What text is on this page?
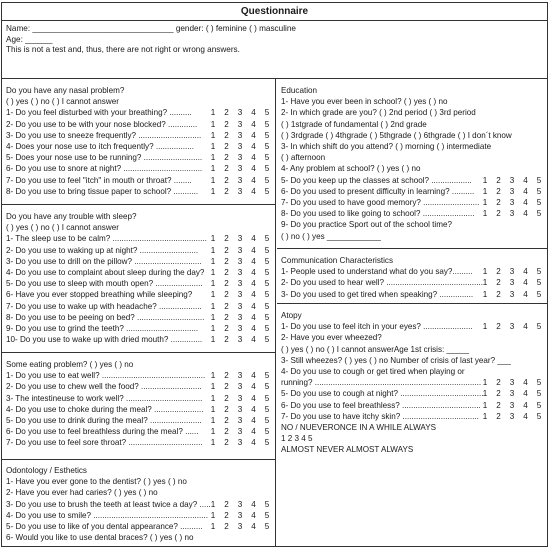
Questionnaire
Name: _______________________________ gender: ( ) feminine ( ) masculine
Age: ______
This is not a test and, thus, there are not right or wrong answers.
Do you have any nasal problem?
( ) yes ( ) no ( ) I cannot answer
1- Do you feel disturbed with your breathing? ..........	1	2	3	4	5
2- Do you use to be with your nose blocked? .............	1	2	3	4	5
3- Do you use to sneeze frequently? ............................	1	2	3	4	5
4- Does your nose use to itch frequently? .................	1	2	3	4	5
5- Does your nose use to be running? ..........................	1	2	3	4	5
6- Do you use to snore at night? ...................................	1	2	3	4	5
7- Do you use to feel "itch" in mouth or throat? ........	1	2	3	4	5
8- Do you use to bring tissue paper to school? ...........	1	2	3	4	5
Do you have any trouble with sleep?
( ) yes ( ) no ( ) I cannot answer
1- The sleep use to be calm? .......................................... 1	2	3	4	5
2- Do you use to waking up at night? ..........................	1	2	3	4	5
3- Do you use to drill on the pillow? ..............................	1	2	3	4	5
4- Do you use to complaint about sleep during the day? 1	2	3	4	5
5- Do you use to sleep with mouth open? .....................	1	2	3	4	5
6- Have you ever stopped breathing while sleeping?	1	2	3	4	5
7- Do you use to wake up with headache? ...................	1	2	3	4	5
8- Do you use to be peeing on bed? .............................. 1	2	3	4	5
9- Do you use to grind the teeth? ................................	1	2	3	4	5
10- Do you use to wake up with dried mouth? ..............	1	2	3	4	5
Some eating problem? ( ) yes ( ) no
1- Do you use to eat well? .............................................. 1	2	3	4	5
2- Do you use to chew well the food? ...........................	1	2	3	4	5
3- The intestineuse to work well? ..................................	1	2	3	4	5
4- Do you use to choke during the meal? ...................... 1	2	3	4	5
5- Do you use to drink during the meal? .......................	1	2	3	4	5
6- Do you use to feel breathless during the meal? ......	1	2	3	4	5
7- Do you use to feel sore throat? .................................	1	2	3	4	5
Odontology / Esthetics
1- Have you ever gone to the dentist? ( ) yes ( ) no
2- Have you ever had caries? ( ) yes ( ) no
3- Do you use to brush the teeth at least twice a day? ..... 1	2	3	4	5
4- Do you use to smile? ................................................... 1	2	3	4	5
5- Do you use to like of you dental appearance? ..........	1	2	3	4	5
6- Would you like to use dental braces? ( ) yes ( ) no
Education
1- Have you ever been in school? ( ) yes ( ) no
2- In which grade are you? ( ) 2nd period ( ) 3rd period
( ) 1stgrade of fundamental ( ) 2nd grade
( ) 3rdgrade ( ) 4thgrade ( ) 5thgrade ( ) 6thgrade ( ) I don´t know
3- In which shift do you attend? ( ) morning ( ) intermediate
( ) afternoon
4- Any problem at school? ( ) yes ( ) no
5- Do you keep up the classes at school? ..................	1	2	3	4	5
6- Do you used to present difficulty in learning? ..........	1	2	3	4	5
7- Do you used to have good memory? ......................... 1	2	3	4	5
8- Do you used to like going to school? .......................	1	2	3	4	5
9- Do you practice Sport out of the school time?
( ) no ( ) yes ____________
Communication Characteristics
1- People used to understand what do you say?.........	1	2	3	4	5
2- Do you used to hear well? ........................................... 1	2	3	4	5
3- Do you used to get tired when speaking? ...............	1	2	3	4	5
Atopy
1- Do you use to feel itch in your eyes? ......................	1	2	3	4	5
2- Have you ever wheezed?
( ) yes ( ) no ( ) I cannot answerAge 1st crisis: _____
3- Still wheezes? ( ) yes ( ) no Number of crisis of last year? ___
4- Do you use to cough or get tired when playing or
running? .......................................................................... 1	2	3	4	5
5- Do you use to cough at night? ..................................... 1	2	3	4	5
6- Do you use to feel breathless? ................................... 1	2	3	4	5
7- Do you use to have itchy skin? .................................. 1	2	3	4	5
NO / NUEVERONCE IN A WHILE ALWAYS
1 2 3 4 5
ALMOST NEVER ALMOST ALWAYS
